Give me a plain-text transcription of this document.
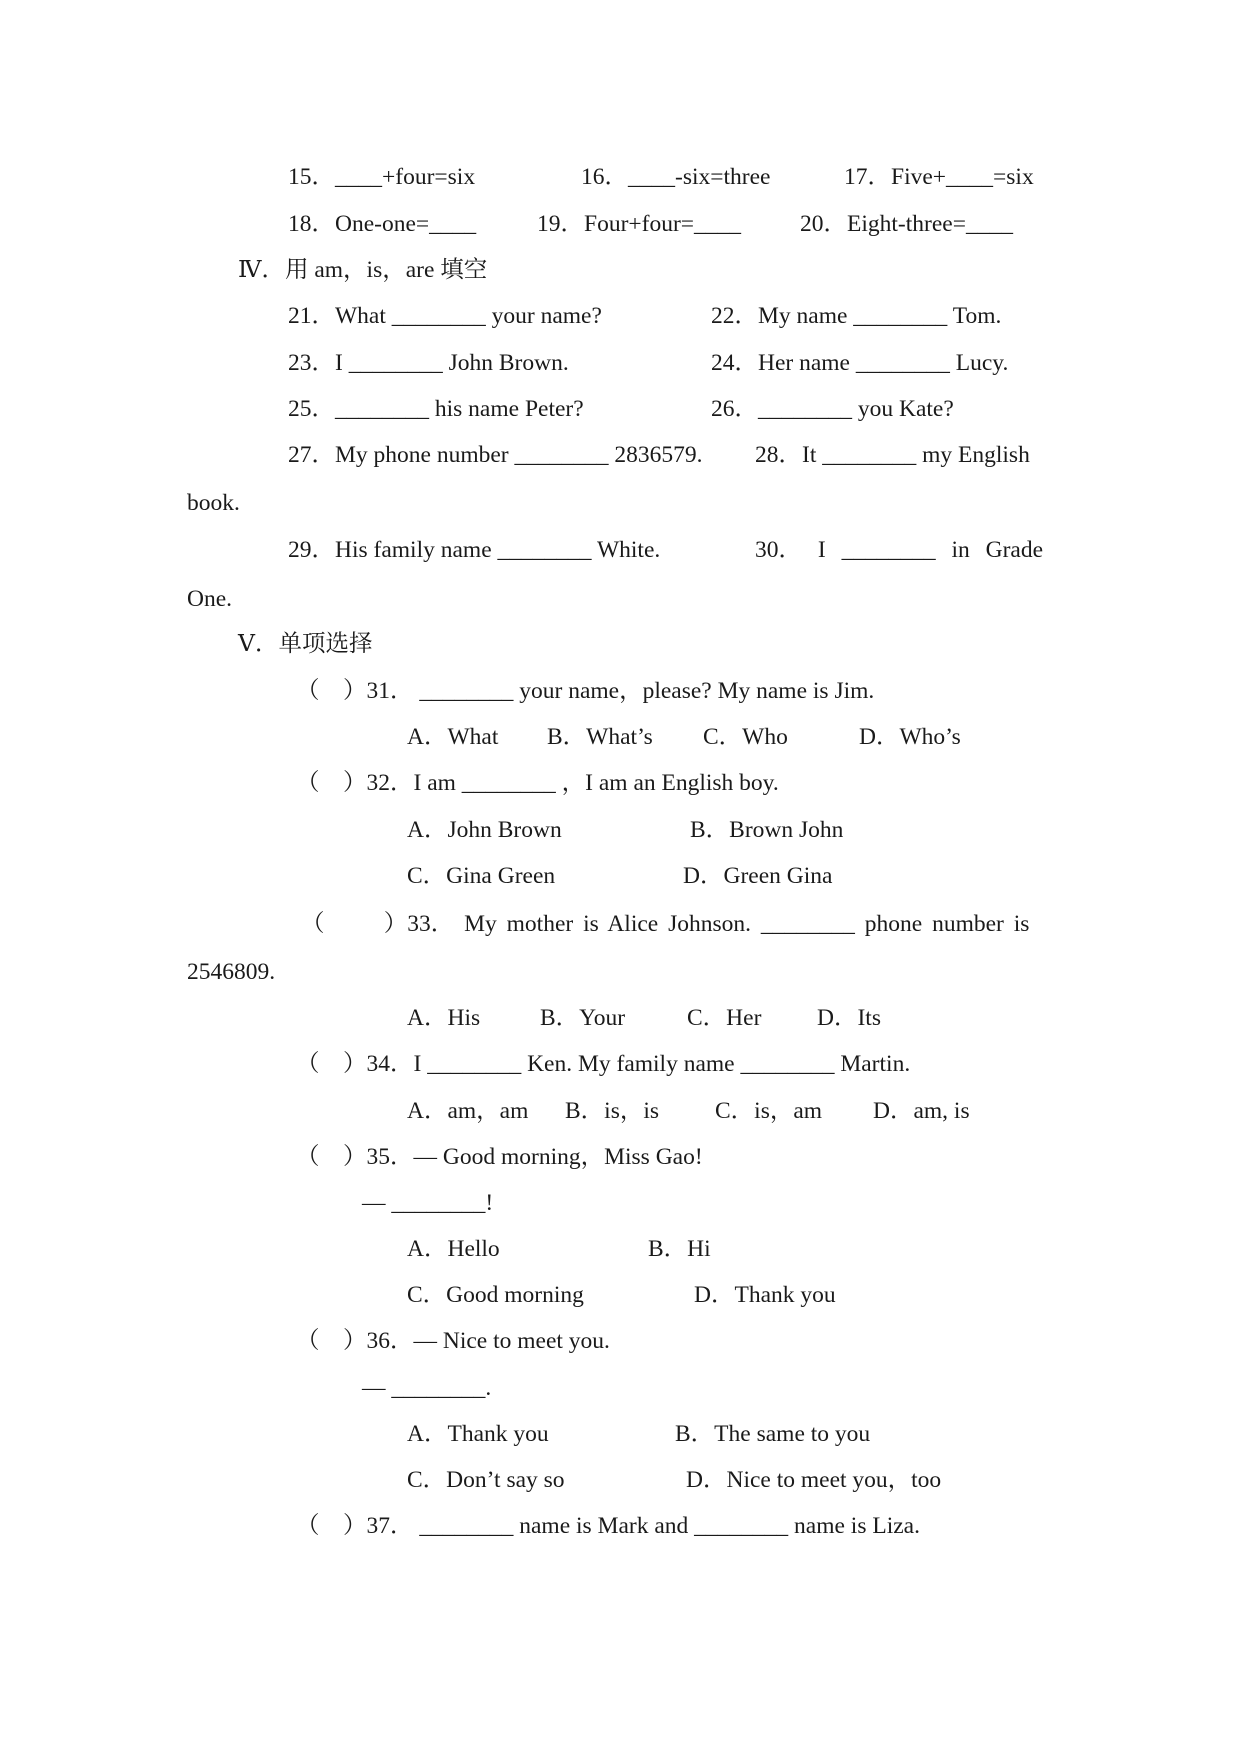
15．____+four=six	16．____-six=three	17．Five+____=six
18．One-one=____	19．Four+four=____	20．Eight-three=____
Ⅳ．用 am，is，are 填空
21．What ________ your name?	22．My name ________ Tom.
23．I ________ John Brown.	24．Her name ________ Lucy.
25．________ his name Peter?	26．________ you Kate?
27．My phone number ________ 2836579. 28．It ________ my English
book.
29．His family name ________ White.	30． I ________ in Grade
One.
Ⅴ．单项选择
（    ）31． ________ your name，please? My name is Jim.
A．What B．What’s C．Who	D．Who’s
（    ）32．I am ________ ，I am an English boy.
A．John Brown	B．Brown John
C．Gina Green	D．Green Gina
（      ）33． My mother is Alice Johnson. ________ phone number is
2546809.
A．His	B．Your	C．Her D．Its
（    ）34．I ________ Ken. My family name ________ Martin.
A．am，am B．is，is C．is，am D．am, is
（    ）35．— Good morning，Miss Gao!
— ________!
A．Hello	B．Hi
C．Good morning	D．Thank you
（    ）36．— Nice to meet you.
— ________.
A．Thank you	B．The same to you
C．Don’t say so	D．Nice to meet you，too
（    ）37． ________ name is Mark and ________ name is Liza.
